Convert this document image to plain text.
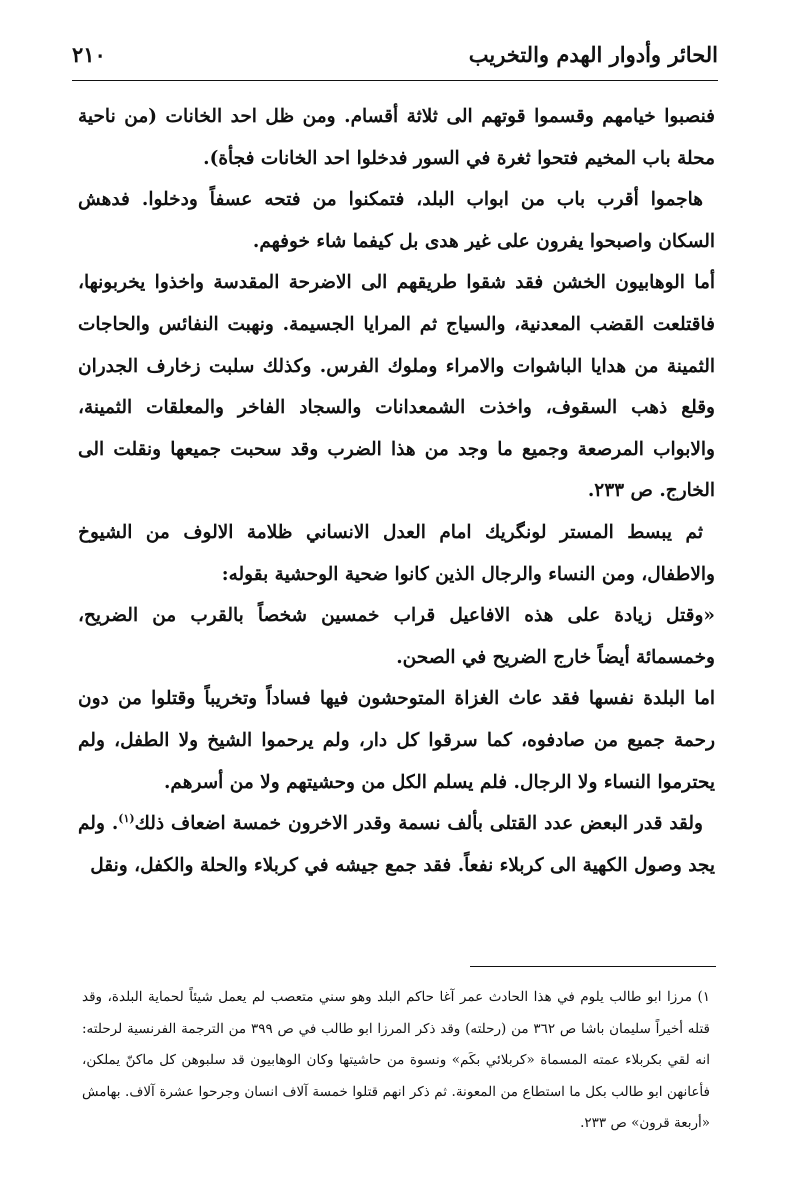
الحائر وأدوار الهدم والتخريب
٢١٠

فنصبوا خيامهم وقسموا قوتهم الى ثلاثة أقسام. ومن ظل احد الخانات (من ناحية محلة باب المخيم فتحوا ثغرة في السور فدخلوا احد الخانات فجأة).

هاجموا أقرب باب من ابواب البلد، فتمكنوا من فتحه عسفاً ودخلوا. فدهش السكان واصبحوا يفرون على غير هدى بل كيفما شاء خوفهم.

أما الوهابيون الخشن فقد شقوا طريقهم الى الاضرحة المقدسة واخذوا يخربونها، فاقتلعت القضب المعدنية، والسياج ثم المرايا الجسيمة. ونهبت النفائس والحاجات الثمينة من هدايا الباشوات والامراء وملوك الفرس. وكذلك سلبت زخارف الجدران وقلع ذهب السقوف، واخذت الشمعدانات والسجاد الفاخر والمعلقات الثمينة، والابواب المرصعة وجميع ما وجد من هذا الضرب وقد سحبت جميعها ونقلت الى الخارج. ص ٢٣٣.

ثم يبسط المستر لونگريك امام العدل الانساني ظلامة الالوف من الشيوخ والاطفال، ومن النساء والرجال الذين كانوا ضحية الوحشية بقوله:

«وقتل زيادة على هذه الافاعيل قراب خمسين شخصاً بالقرب من الضريح، وخمسمائة أيضاً خارج الضريح في الصحن.

اما البلدة نفسها فقد عاث الغزاة المتوحشون فيها فساداً وتخريباً وقتلوا من دون رحمة جميع من صادفوه، كما سرقوا كل دار، ولم يرحموا الشيخ ولا الطفل، ولم يحترموا النساء ولا الرجال. فلم يسلم الكل من وحشيتهم ولا من أسرهم.

ولقد قدر البعض عدد القتلى بألف نسمة وقدر الاخرون خمسة اضعاف ذلك$^{(١)}$. ولم يجد وصول الكهية الى كربلاء نفعاً. فقد جمع جيشه في كربلاء والحلة والكفل، ونقل

١) مرزا ابو طالب يلوم في هذا الحادث عمر آغا حاكم البلد وهو سني متعصب لم يعمل شيئاً لحماية البلدة، وقد قتله أخيراً سليمان باشا ص ٣٦٢ من (رحلته) وقد ذكر المرزا ابو طالب في ص ٣٩٩ من الترجمة الفرنسية لرحلته: انه لقي بكربلاء عمته المسماة «كربلائي بكَم» ونسوة من حاشيتها وكان الوهابيون قد سلبوهن كل ماكنّ يملكن، فأعانهن ابو طالب بكل ما استطاع من المعونة. ثم ذكر انهم قتلوا خمسة آلاف انسان وجرحوا عشرة آلاف. بهامش «أربعة قرون» ص ٢٣٣.
